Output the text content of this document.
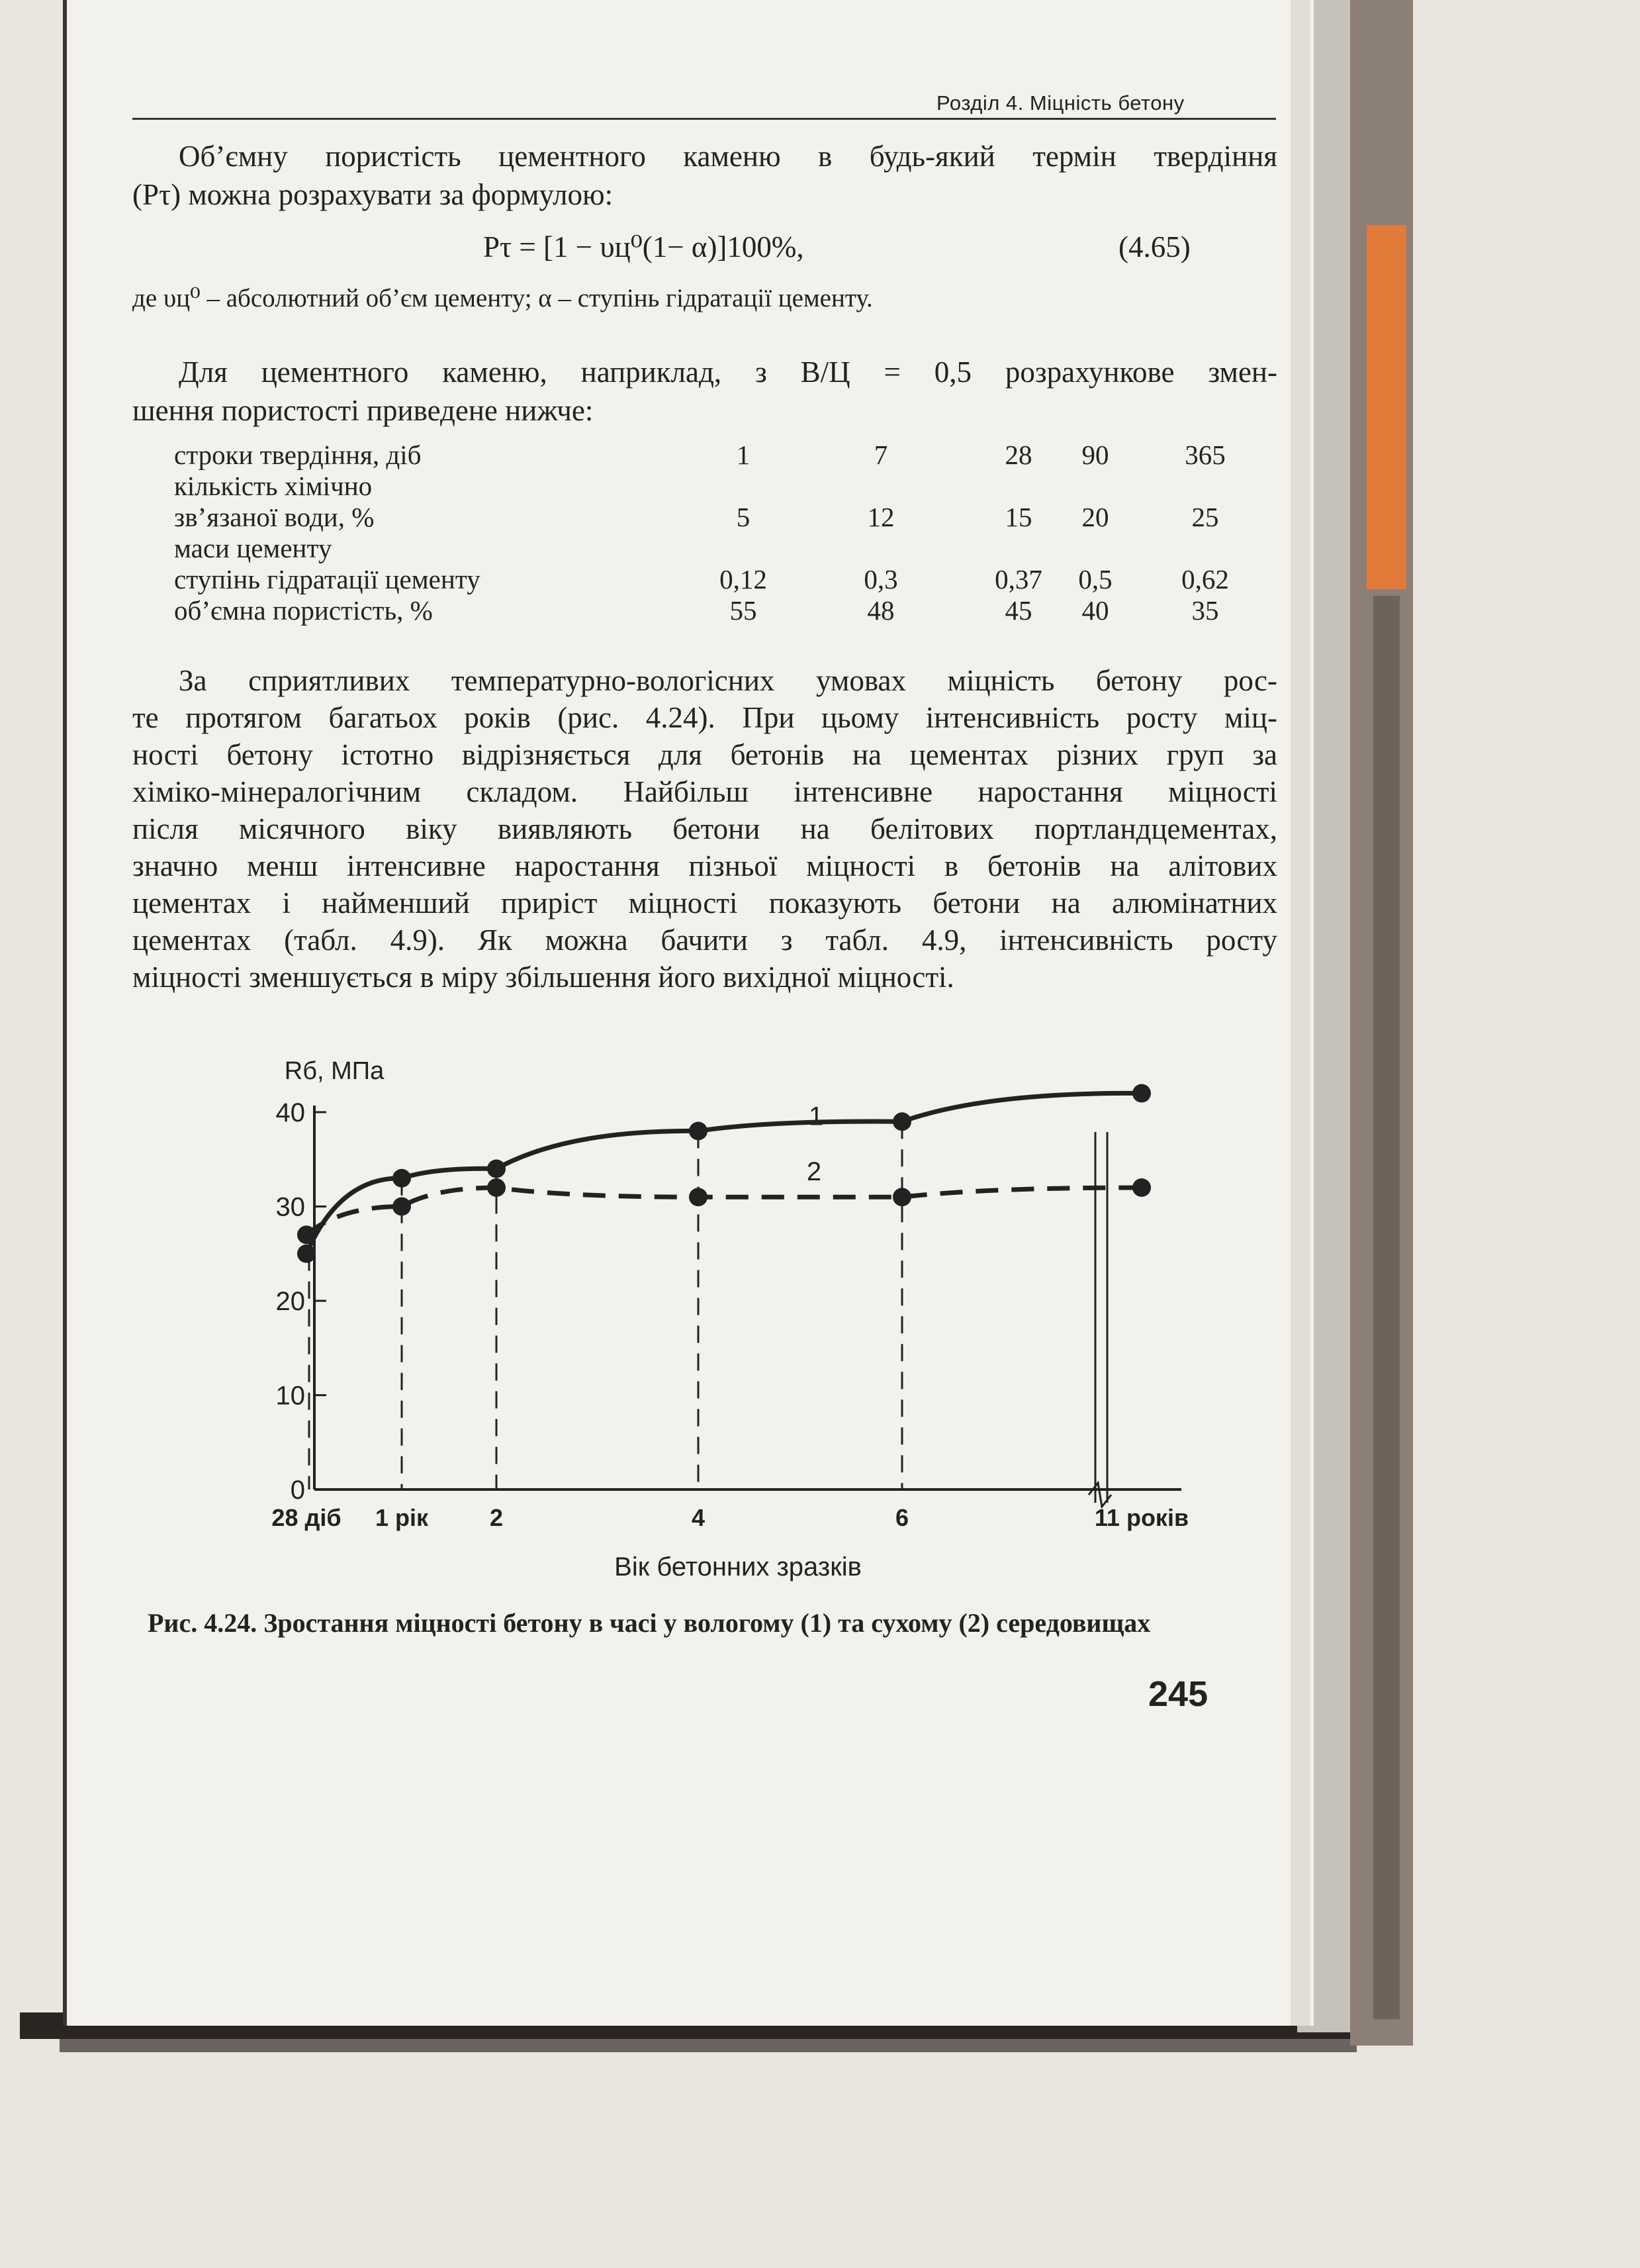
Розділ 4. Міцність бетону
Об’ємну пористість цементного каменю в будь-який термін твердіння
(Pτ) можна розрахувати за формулою:
Pτ = [1 − υц⁰(1− α)]100%,	(4.65)
де υц⁰ – абсолютний об’єм цементу; α – ступінь гідратації цементу.
Для цементного каменю, наприклад, з В/Ц = 0,5 розрахункове змен-
шення пористості приведене нижче:
строки твердіння, діб	1	7	28	90	365
кількість хімічно
зв’язаної води, %	5	12	15	20	25
маси цементу
ступінь гідратації цементу	0,12	0,3	0,37	0,5	0,62
об’ємна пористість, %	55	48	45	40	35
За сприятливих температурно-вологісних умовах міцність бетону рос-
те протягом багатьох років (рис. 4.24). При цьому інтенсивність росту міц-
ності бетону істотно відрізняється для бетонів на цементах різних груп за
хіміко-мінералогічним складом. Найбільш інтенсивне наростання міцності
після місячного віку виявляють бетони на белітових портландцементах,
значно менш інтенсивне наростання пізньої міцності в бетонів на алітових
цементах і найменший приріст міцності показують бетони на алюмінатних
цементах (табл. 4.9). Як можна бачити з табл. 4.9, інтенсивність росту
міцності зменшується в міру збільшення його вихідної міцності.
0
10
20
30
40
Rб, МПа
28 діб 1 рік	2	4	6	11 років
Вік бетонних зразків
1
2
Рис. 4.24. Зростання міцності бетону в часі у вологому (1) та сухому (2) середовищах
245
